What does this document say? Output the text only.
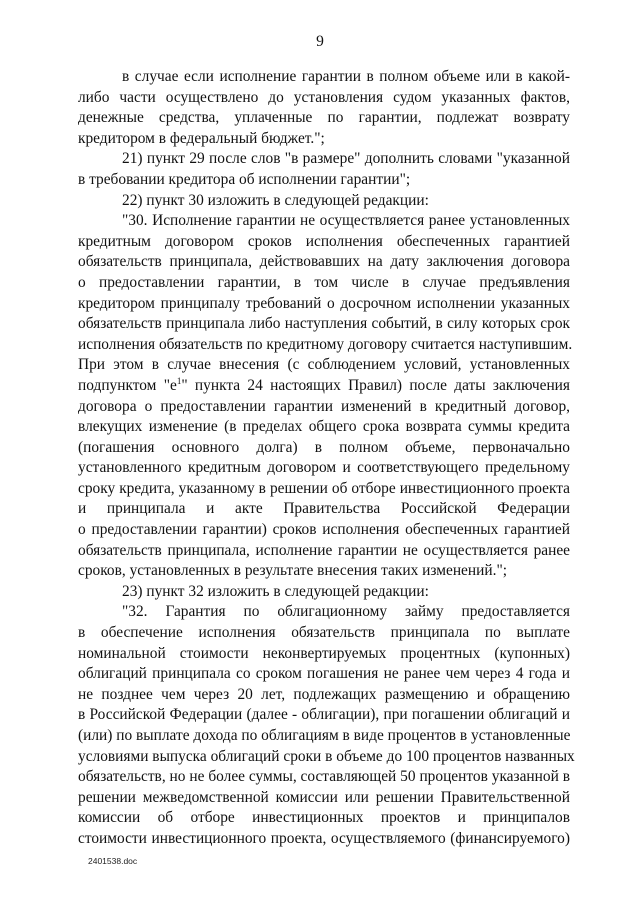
9
в случае если исполнение гарантии в полном объеме или в какой-
либо части осуществлено до установления судом указанных фактов,
денежные средства, уплаченные по гарантии, подлежат возврату
кредитором в федеральный бюджет.";
21) пункт 29 после слов "в размере" дополнить словами "указанной
в требовании кредитора об исполнении гарантии";
22) пункт 30 изложить в следующей редакции:
"30. Исполнение гарантии не осуществляется ранее установленных
кредитным договором сроков исполнения обеспеченных гарантией
обязательств принципала, действовавших на дату заключения договора
о предоставлении гарантии, в том числе в случае предъявления
кредитором принципалу требований о досрочном исполнении указанных
обязательств принципала либо наступления событий, в силу которых срок
исполнения обязательств по кредитному договору считается наступившим.
При этом в случае внесения (с соблюдением условий, установленных
подпунктом "$е^1$" пункта 24 настоящих Правил) после даты заключения
договора о предоставлении гарантии изменений в кредитный договор,
влекущих изменение (в пределах общего срока возврата суммы кредита
(погашения основного долга) в полном объеме, первоначально
установленного кредитным договором и соответствующего предельному
сроку кредита, указанному в решении об отборе инвестиционного проекта
и принципала и акте Правительства Российской Федерации
о предоставлении гарантии) сроков исполнения обеспеченных гарантией
обязательств принципала, исполнение гарантии не осуществляется ранее
сроков, установленных в результате внесения таких изменений.";
23) пункт 32 изложить в следующей редакции:
"32. Гарантия по облигационному займу предоставляется
в обеспечение исполнения обязательств принципала по выплате
номинальной стоимости неконвертируемых процентных (купонных)
облигаций принципала со сроком погашения не ранее чем через 4 года и
не позднее чем через 20 лет, подлежащих размещению и обращению
в Российской Федерации (далее - облигации), при погашении облигаций и
(или) по выплате дохода по облигациям в виде процентов в установленные
условиями выпуска облигаций сроки в объеме до 100 процентов названных
обязательств, но не более суммы, составляющей 50 процентов указанной в
решении межведомственной комиссии или решении Правительственной
комиссии об отборе инвестиционных проектов и принципалов
стоимости инвестиционного проекта, осуществляемого (финансируемого)
2401538.doc
